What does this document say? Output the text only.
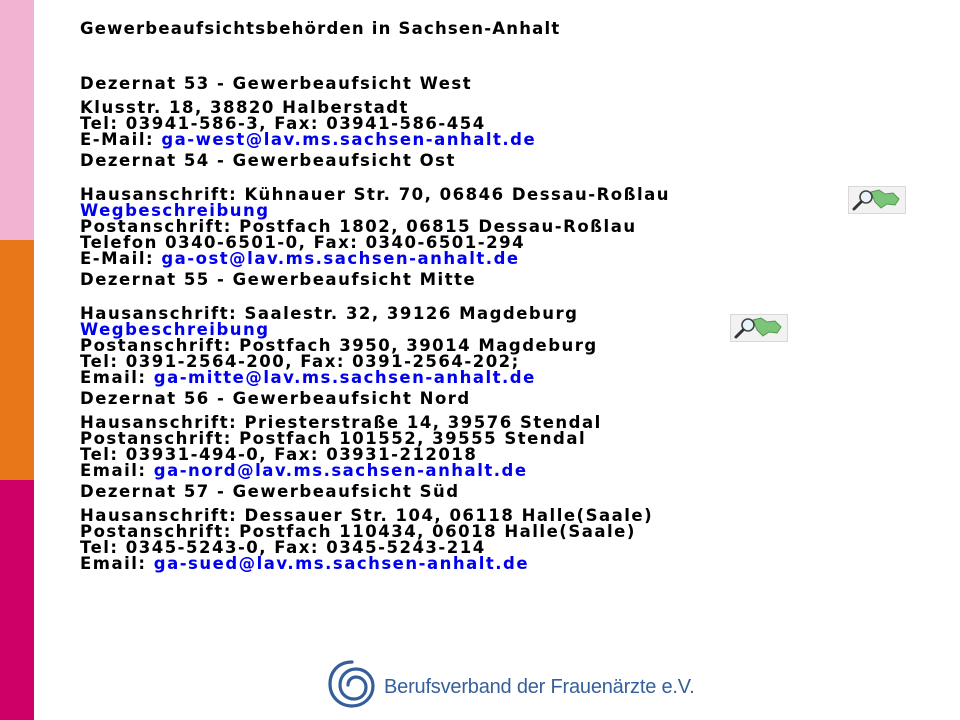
Gewerbeaufsichtsbehörden in Sachsen-Anhalt
Dezernat 53 - Gewerbeaufsicht West
Klusstr. 18, 38820 Halberstadt
Tel: 03941-586-3, Fax: 03941-586-454
E-Mail: ga-west@lav.ms.sachsen-anhalt.de
Dezernat 54 - Gewerbeaufsicht Ost
Hausanschrift: Kühnauer Str. 70, 06846 Dessau-Roßlau
Wegbeschreibung
Postanschrift: Postfach 1802, 06815 Dessau-Roßlau
Telefon 0340-6501-0, Fax: 0340-6501-294
E-Mail: ga-ost@lav.ms.sachsen-anhalt.de
Dezernat 55 - Gewerbeaufsicht Mitte
Hausanschrift: Saalestr. 32, 39126 Magdeburg
Wegbeschreibung
Postanschrift: Postfach 3950, 39014 Magdeburg
Tel: 0391-2564-200, Fax: 0391-2564-202;
Email: ga-mitte@lav.ms.sachsen-anhalt.de
Dezernat 56 - Gewerbeaufsicht Nord
Hausanschrift: Priesterstraße 14, 39576 Stendal
Postanschrift: Postfach 101552, 39555 Stendal
Tel: 03931-494-0, Fax: 03931-212018
Email: ga-nord@lav.ms.sachsen-anhalt.de
Dezernat 57 - Gewerbeaufsicht Süd
Hausanschrift: Dessauer Str. 104, 06118 Halle(Saale)
Postanschrift: Postfach 110434, 06018 Halle(Saale)
Tel: 0345-5243-0, Fax: 0345-5243-214
Email: ga-sued@lav.ms.sachsen-anhalt.de
Berufsverband der Frauenärzte e.V.
